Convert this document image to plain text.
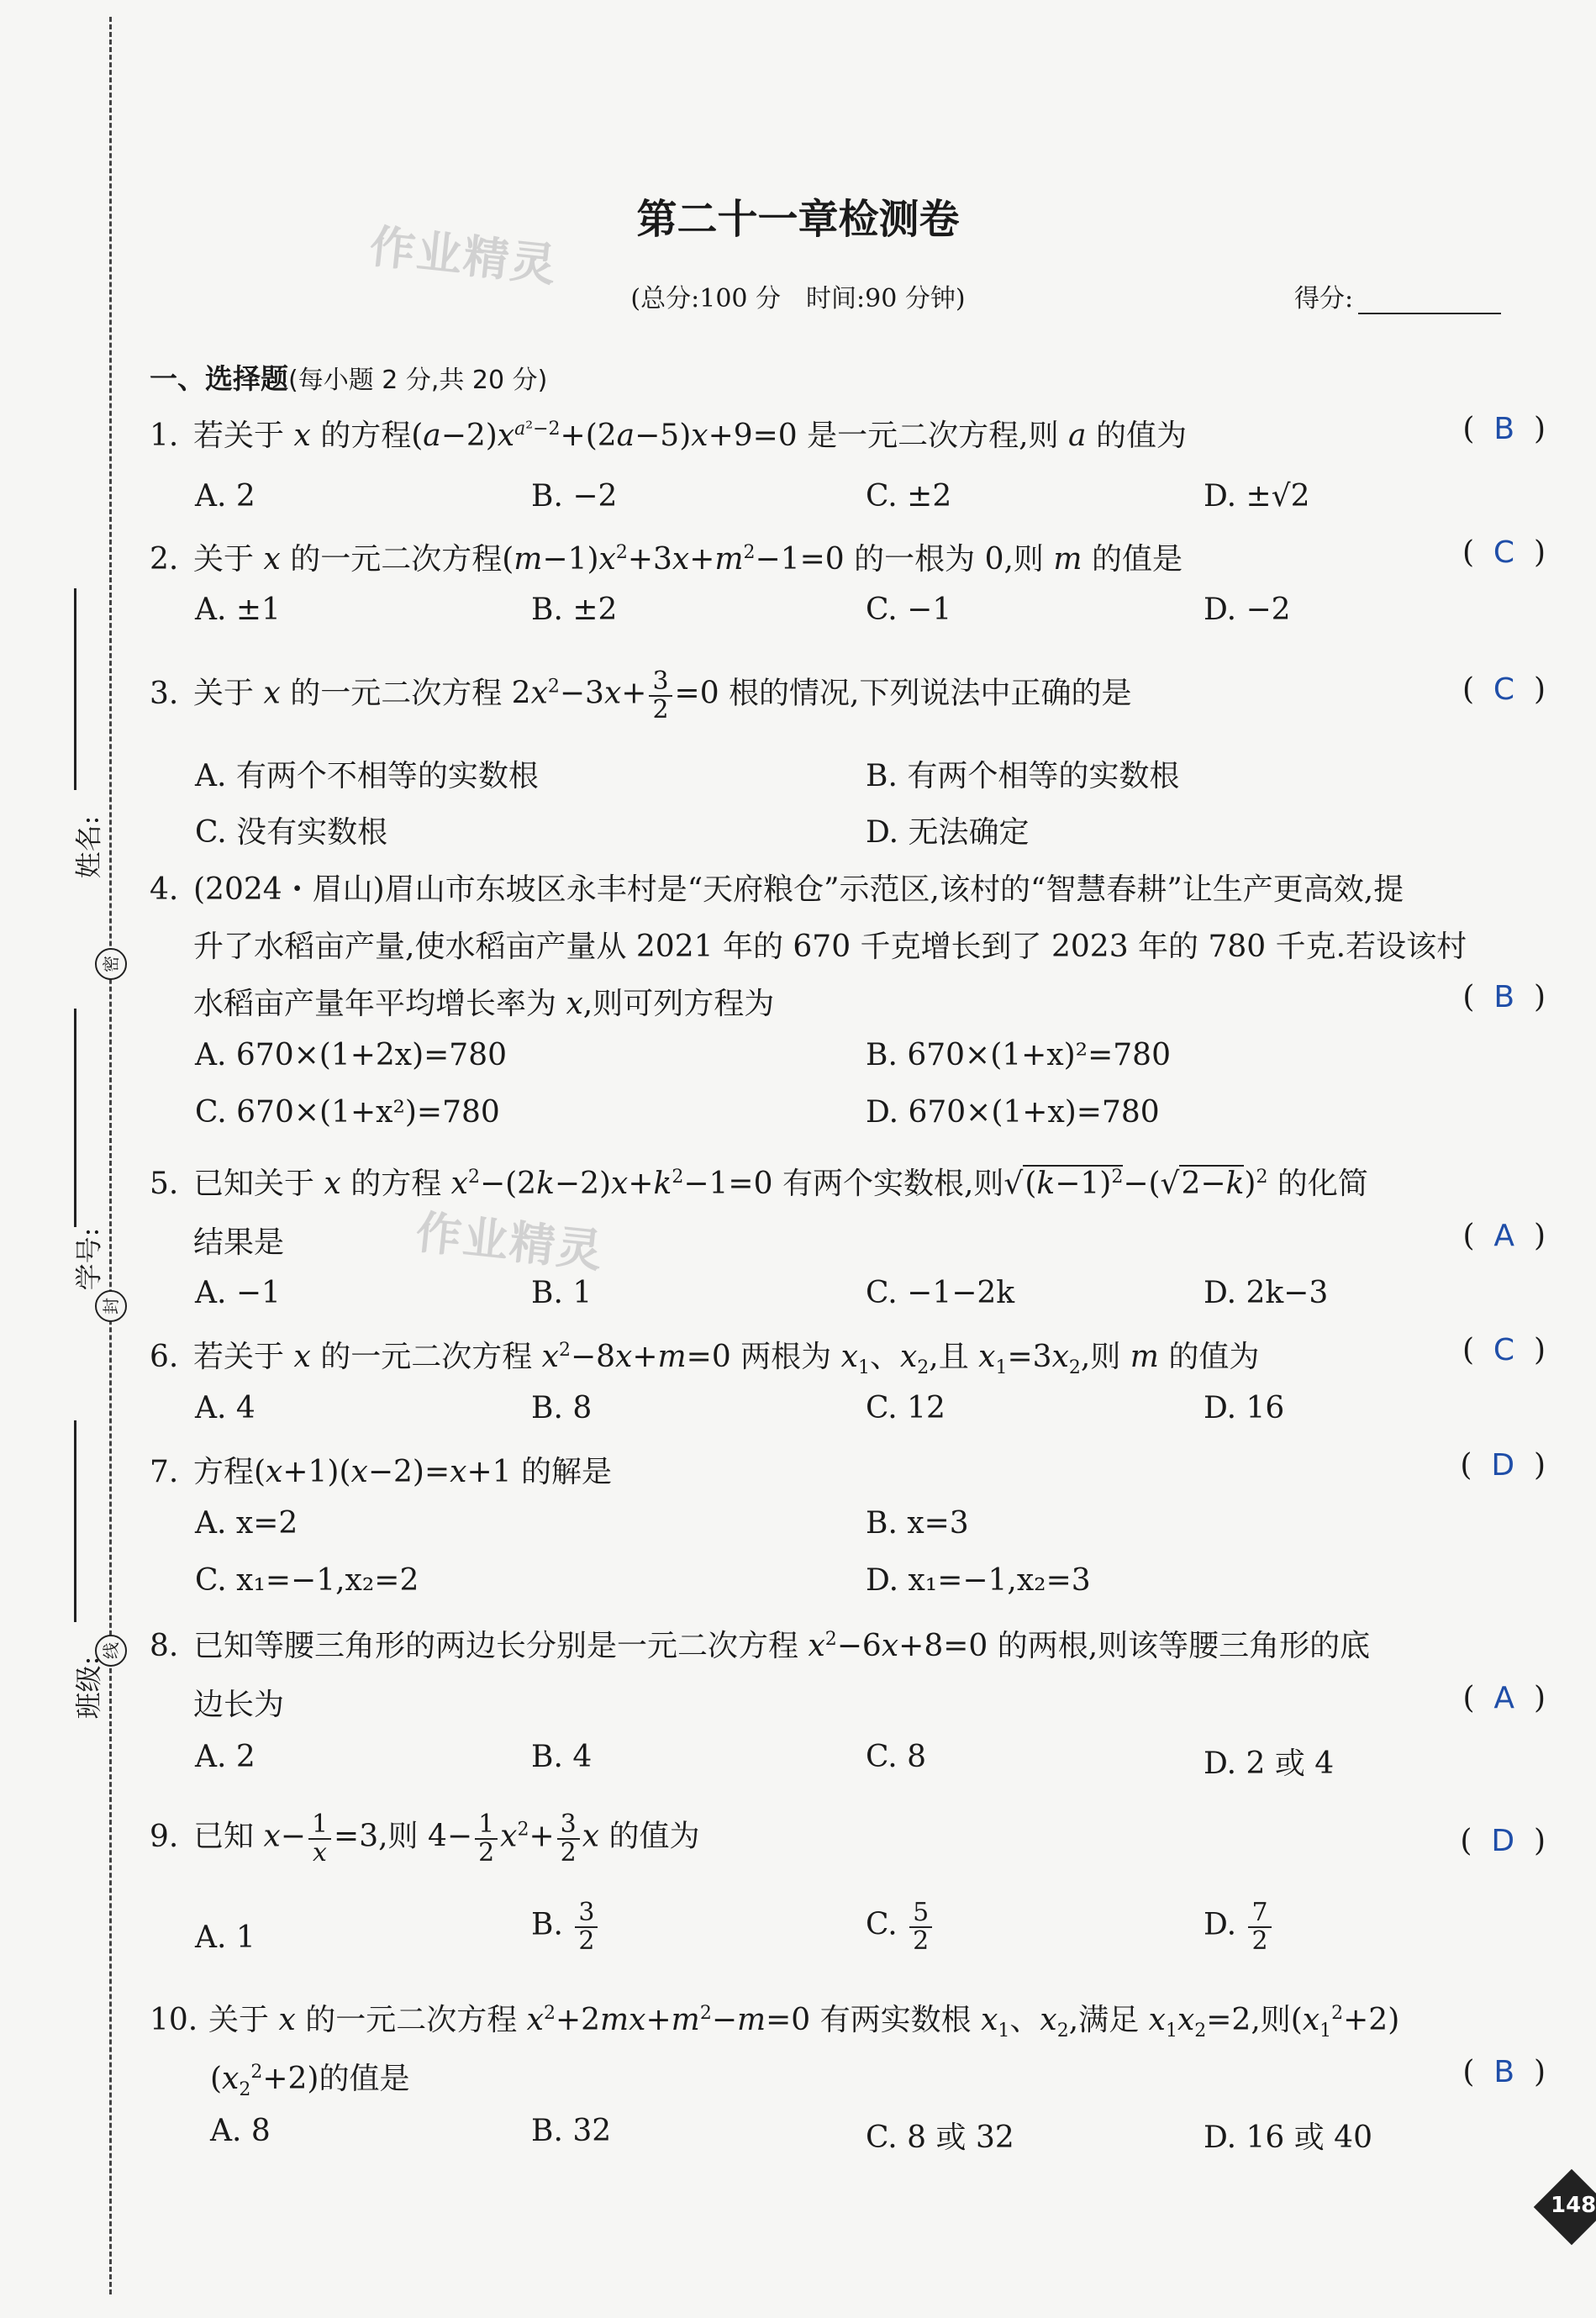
姓名:
密
学号:
封
线
班级:
第二十一章检测卷
作业精灵
作业精灵
(总分:100 分　时间:90 分钟)	得分:
一、选择题(每小题 2 分,共 20 分)
1. 若关于 x 的方程$(a-2)x^{a^2-2}+(2a-5)x+9=0$ 是一元二次方程,则 a 的值为	(  B  )
A. 2	B. −2	C. ±2	D. ±√2
2. 关于 x 的一元二次方程$(m-1)x^2+3x+m^2-1=0$ 的一根为 0,则 m 的值是	(  C  )
A. ±1	B. ±2	C. −1	D. −2
3. 关于 x 的一元二次方程 $2x^2-3x+ \frac{3}{2} =0$ 根的情况,下列说法中正确的是	(  C  )
A. 有两个不相等的实数根	B. 有两个相等的实数根
C. 没有实数根	D. 无法确定
4. (2024・眉山)眉山市东坡区永丰村是“天府粮仓”示范区,该村的“智慧春耕”让生产更高效,提
升了水稻亩产量,使水稻亩产量从 2021 年的 670 千克增长到了 2023 年的 780 千克.若设该村
水稻亩产量年平均增长率为 x,则可列方程为	(  B  )
A. 670×(1+2x)=780	B. 670×(1+x)²=780
C. 670×(1+x²)=780	D. 670×(1+x)=780
5. 已知关于 x 的方程 $x^2-(2k-2)x+k^2-1=0$ 有两个实数根,则$√(k-1)^2-(√2-k)^2$ 的化简
结果是	(  A  )
A. −1	B. 1	C. −1−2k	D. 2k−3
6. 若关于 x 的一元二次方程 $x^2-8x+m=0$ 两根为 $x_1$、$x_2$,且 $x_1=3x_2$,则 m 的值为	(  C  )
A. 4	B. 8	C. 12	D. 16
7. 方程(x+1)(x−2)=x+1 的解是	(  D  )
A. x=2	B. x=3
C. x₁=−1,x₂=2	D. x₁=−1,x₂=3
8. 已知等腰三角形的两边长分别是一元二次方程 $x^2-6x+8=0$ 的两根,则该等腰三角形的底
边长为	(  A  )
A. 2	B. 4	C. 8	D. 2 或 4
9. 已知 $x- \frac{1}{x} =3$,则 $4- \frac{1}{2} x^2+ \frac{3}{2}$ x 的值为	(  D  )
A. 1	B. $\frac{3}{2}$	C. $\frac{5}{2}$	D. $\frac{7}{2}$
10. 关于 x 的一元二次方程 $x^2+2mx+m^2-m=0$ 有两实数根 $x_1$、$x_2$,满足 $x_1x_2=2$,则$(x_1^2+2)$
$(x_2^2+2)$的值是	(  B  )
A. 8	B. 32	C. 8 或 32	D. 16 或 40
148
